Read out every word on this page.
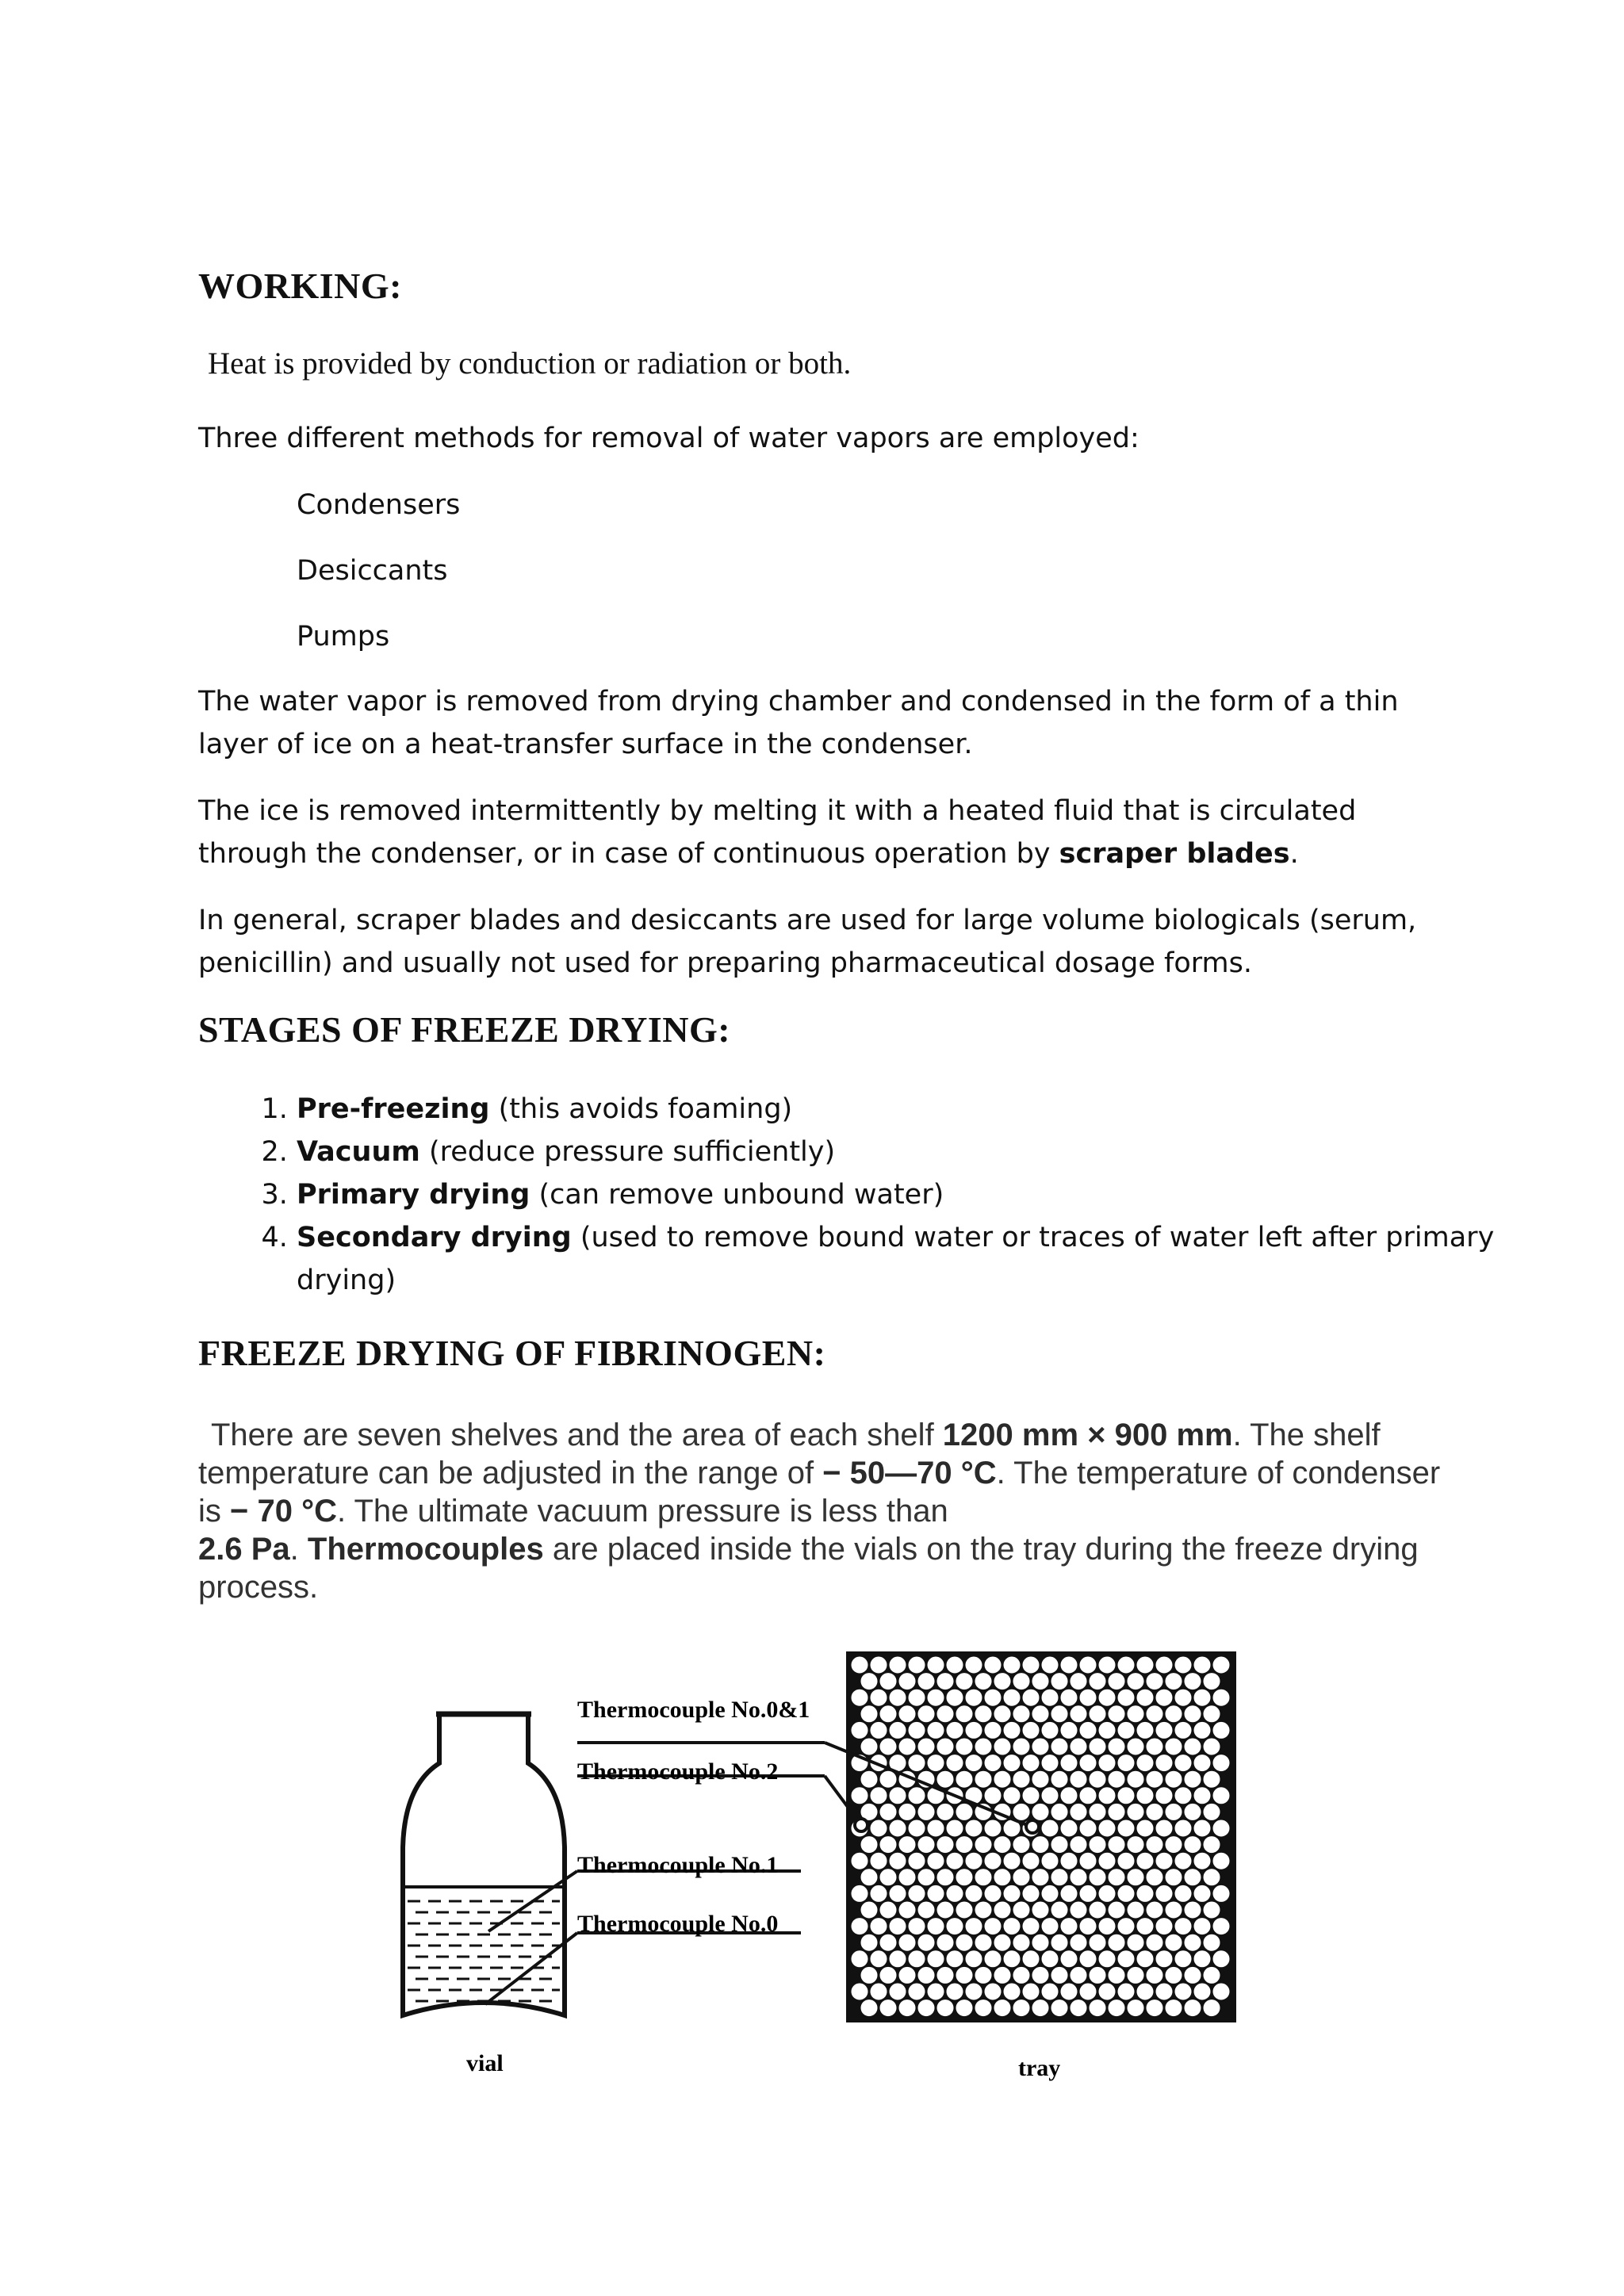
WORKING:

Heat is provided by conduction or radiation or both.

Three different methods for removal of water vapors are employed:

Condensers

Desiccants

Pumps

The water vapor is removed from drying chamber and condensed in the form of a thin layer of ice on a heat-transfer surface in the condenser.

The ice is removed intermittently by melting it with a heated fluid that is circulated through the condenser, or in case of continuous operation by scraper blades.

In general, scraper blades and desiccants are used for large volume biologicals (serum, penicillin) and usually not used for preparing pharmaceutical dosage forms.

STAGES OF FREEZE DRYING:
1. Pre-freezing (this avoids foaming)
2. Vacuum (reduce pressure sufficiently)
3. Primary drying (can remove unbound water)
4. Secondary drying (used to remove bound water or traces of water left after primary drying)
FREEZE DRYING OF FIBRINOGEN:
There are seven shelves and the area of each shelf 1200 mm × 900 mm. The shelf temperature can be adjusted in the range of − 50—70 °C. The temperature of condenser is − 70 °C. The ultimate vacuum pressure is less than
2.6 Pa. Thermocouples are placed inside the vials on the tray during the freeze drying process.
Thermocouple No.0&1
Thermocouple No.2
Thermocouple No.1
Thermocouple No.0
vial	tray
